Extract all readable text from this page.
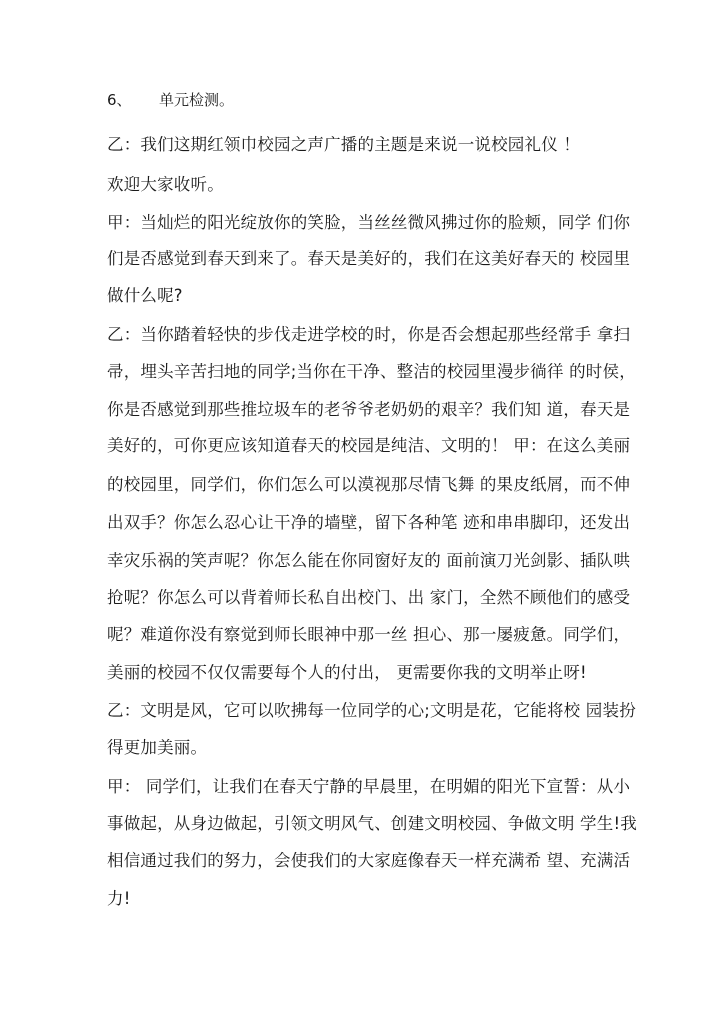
6、 单元检测。
乙：我们这期红领巾校园之声广播的主题是来说一说校园礼仪 ！
欢迎大家收听。
甲：当灿烂的阳光绽放你的笑脸，当丝丝微风拂过你的脸颊，同学 们你
们是否感觉到春天到来了。春天是美好的，我们在这美好春天的 校园里
做什么呢?
乙：当你踏着轻快的步伐走进学校的时，你是否会想起那些经常手 拿扫
帚，埋头辛苦扫地的同学;当你在干净、整洁的校园里漫步徜徉 的时侯，
你是否感觉到那些推垃圾车的老爷爷老奶奶的艰辛？我们知 道，春天是
美好的，可你更应该知道春天的校园是纯洁、文明的！ 甲：在这么美丽
的校园里，同学们，你们怎么可以漠视那尽情飞舞 的果皮纸屑，而不伸
出双手？你怎么忍心让干净的墙壁，留下各种笔 迹和串串脚印，还发出
幸灾乐祸的笑声呢？你怎么能在你同窗好友的 面前演刀光剑影、插队哄
抢呢？你怎么可以背着师长私自出校门、出 家门，全然不顾他们的感受
呢？难道你没有察觉到师长眼神中那一丝 担心、那一屡疲惫。同学们，
美丽的校园不仅仅需要每个人的付出， 更需要你我的文明举止呀!
乙：文明是风，它可以吹拂每一位同学的心;文明是花，它能将校 园装扮
得更加美丽。
甲： 同学们，让我们在春天宁静的早晨里，在明媚的阳光下宣誓：从小
事做起，从身边做起，引领文明风气、创建文明校园、争做文明 学生!我
相信通过我们的努力，会使我们的大家庭像春天一样充满希 望、充满活
力!
